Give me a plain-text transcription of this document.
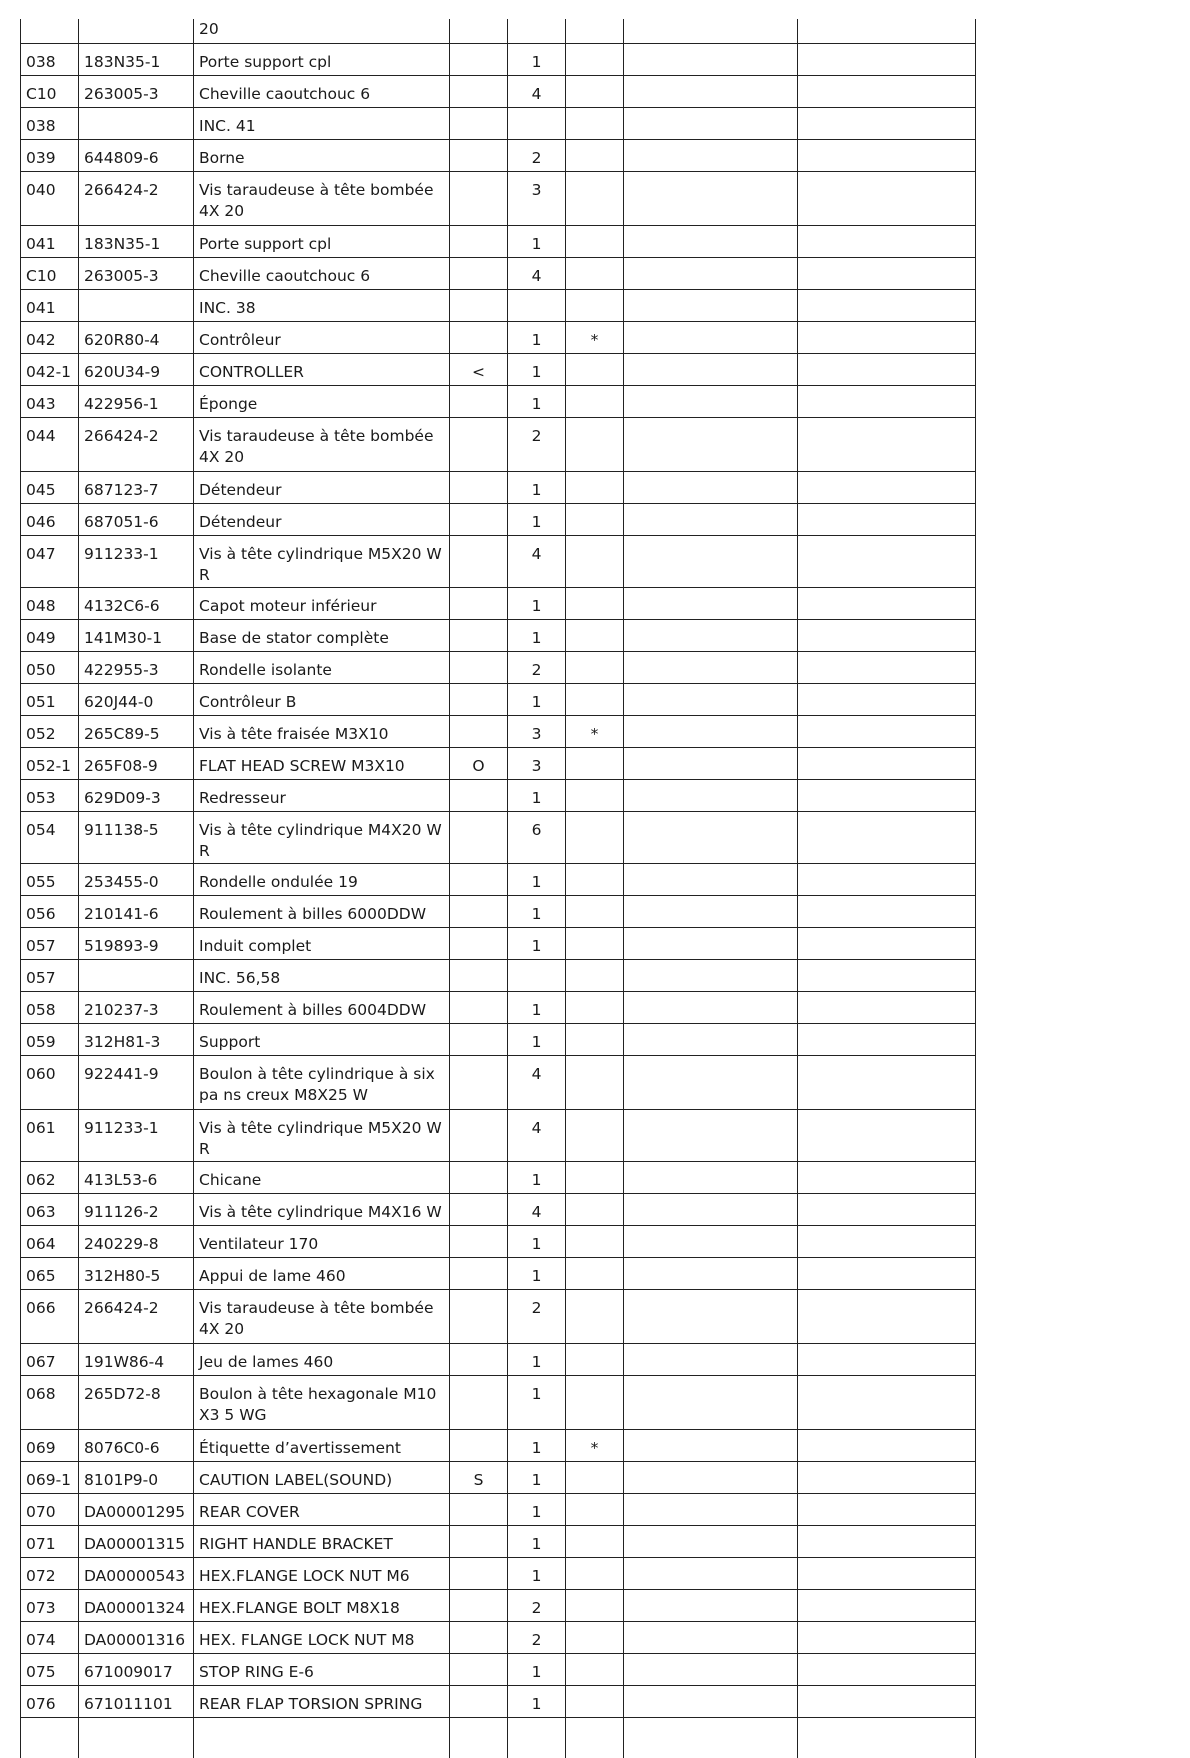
		20					
038	183N35-1	Porte support cpl		1			
C10	263005-3	Cheville caoutchouc 6		4			
038		INC. 41					
039	644809-6	Borne		2			
040	266424-2	Vis taraudeuse à tête bombée 4X 20		3			
041	183N35-1	Porte support cpl		1			
C10	263005-3	Cheville caoutchouc 6		4			
041		INC. 38					
042	620R80-4	Contrôleur		1	*		
042-1	620U34-9	CONTROLLER	<	1			
043	422956-1	Éponge		1			
044	266424-2	Vis taraudeuse à tête bombée 4X 20		2			
045	687123-7	Détendeur		1			
046	687051-6	Détendeur		1			
047	911233-1	Vis à tête cylindrique M5X20 WR		4			
048	4132C6-6	Capot moteur inférieur		1			
049	141M30-1	Base de stator complète		1			
050	422955-3	Rondelle isolante		2			
051	620J44-0	Contrôleur B		1			
052	265C89-5	Vis à tête fraisée M3X10		3	*		
052-1	265F08-9	FLAT HEAD SCREW M3X10	O	3			
053	629D09-3	Redresseur		1			
054	911138-5	Vis à tête cylindrique M4X20 WR		6			
055	253455-0	Rondelle ondulée 19		1			
056	210141-6	Roulement à billes 6000DDW		1			
057	519893-9	Induit complet		1			
057		INC. 56,58					
058	210237-3	Roulement à billes 6004DDW		1			
059	312H81-3	Support		1			
060	922441-9	Boulon à tête cylindrique à six pa ns creux M8X25 W		4			
061	911233-1	Vis à tête cylindrique M5X20 WR		4			
062	413L53-6	Chicane		1			
063	911126-2	Vis à tête cylindrique M4X16 W		4			
064	240229-8	Ventilateur 170		1			
065	312H80-5	Appui de lame 460		1			
066	266424-2	Vis taraudeuse à tête bombée 4X 20		2			
067	191W86-4	Jeu de lames 460		1			
068	265D72-8	Boulon à tête hexagonale M10X3 5 WG		1			
069	8076C0-6	Étiquette d’avertissement		1	*		
069-1	8101P9-0	CAUTION LABEL(SOUND)	S	1			
070	DA00001295	REAR COVER		1			
071	DA00001315	RIGHT HANDLE BRACKET		1			
072	DA00000543	HEX.FLANGE LOCK NUT M6		1			
073	DA00001324	HEX.FLANGE BOLT M8X18		2			
074	DA00001316	HEX. FLANGE LOCK NUT M8		2			
075	671009017	STOP RING E-6		1			
076	671011101	REAR FLAP TORSION SPRING		1			
